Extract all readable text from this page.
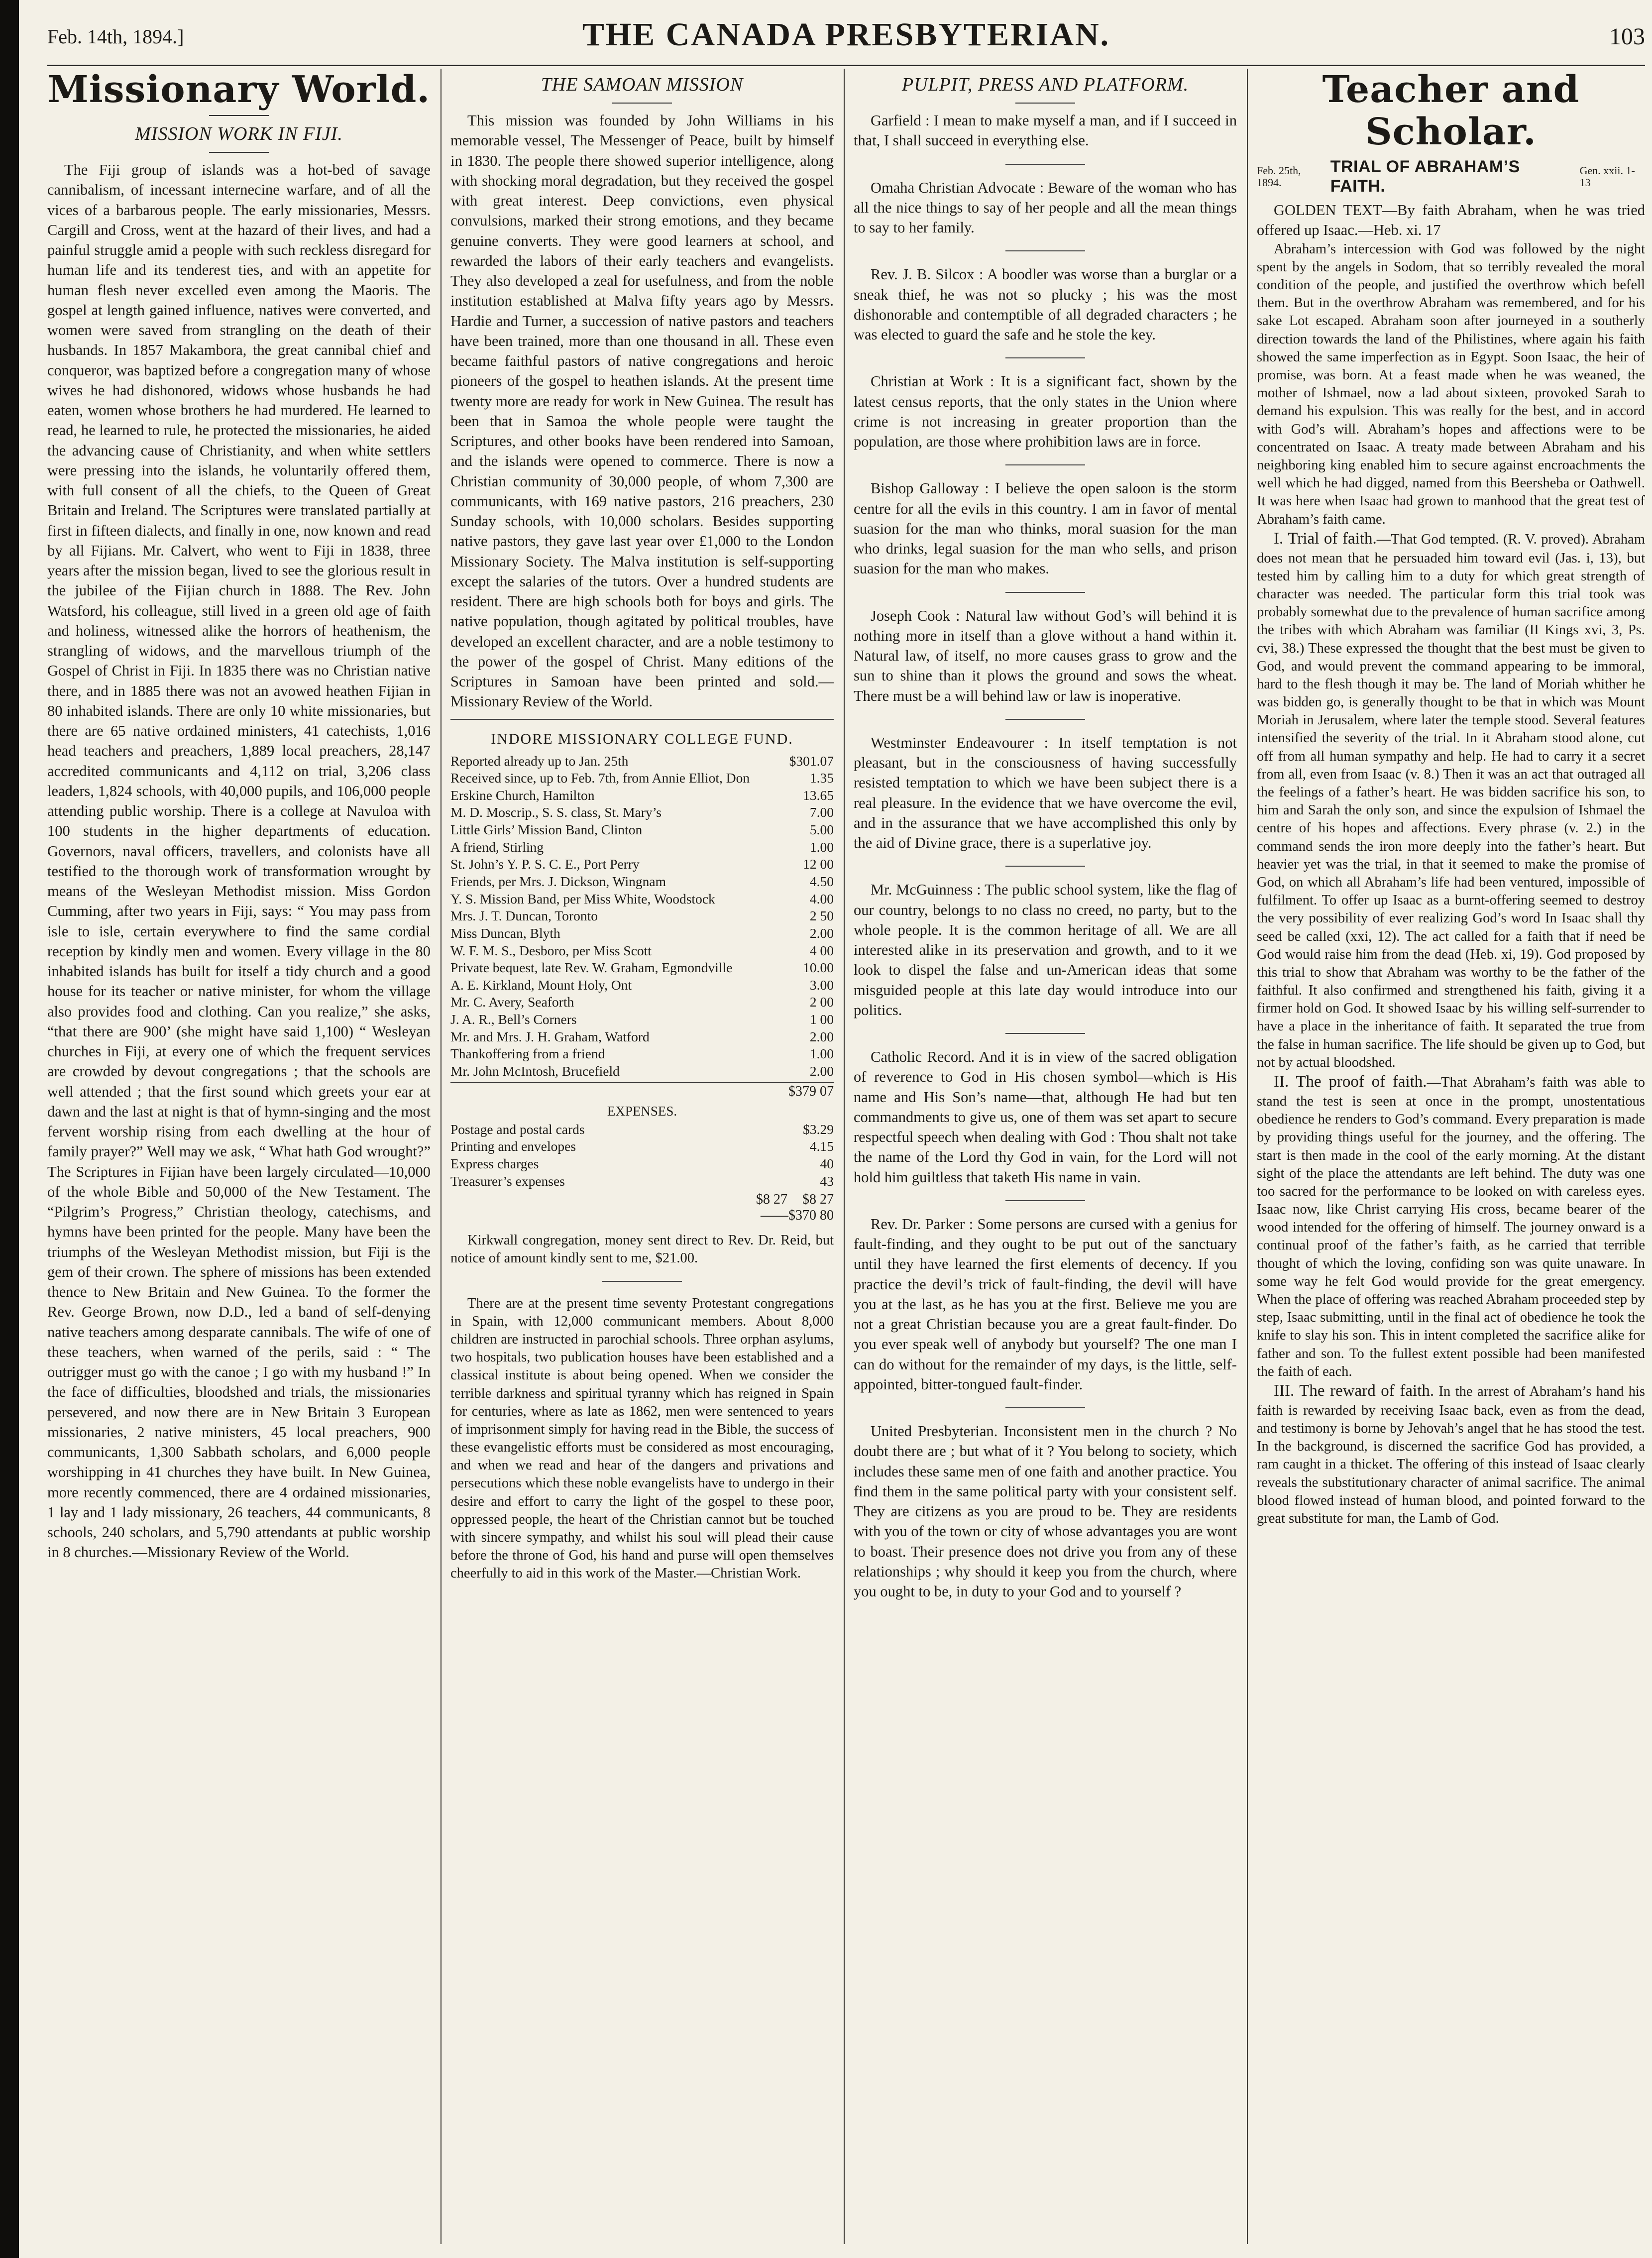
Feb. 14th, 1894.]	THE CANADA PRESBYTERIAN.	103
Missionary World.
MISSION WORK IN FIJI.

The Fiji group of islands was a hot-bed of savage cannibalism, of incessant internecine warfare, and of all the vices of a barbarous people. The early missionaries, Messrs. Cargill and Cross, went at the hazard of their lives, and had a painful struggle amid a people with such reckless disregard for human life and its tenderest ties, and with an appetite for human flesh never excelled even among the Maoris. The gospel at length gained influence, natives were converted, and women were saved from strangling on the death of their husbands. In 1857 Makambora, the great cannibal chief and conqueror, was baptized before a congregation many of whose wives he had dishonored, widows whose husbands he had eaten, women whose brothers he had murdered. He learned to read, he learned to rule, he protected the missionaries, he aided the advancing cause of Christianity, and when white settlers were pressing into the islands, he voluntarily offered them, with full consent of all the chiefs, to the Queen of Great Britain and Ireland. The Scriptures were translated partially at first in fifteen dialects, and finally in one, now known and read by all Fijians. Mr. Calvert, who went to Fiji in 1838, three years after the mission began, lived to see the glorious result in the jubilee of the Fijian church in 1888. The Rev. John Watsford, his colleague, still lived in a green old age of faith and holiness, witnessed alike the horrors of heathenism, the strangling of widows, and the marvellous triumph of the Gospel of Christ in Fiji. In 1835 there was no Christian native there, and in 1885 there was not an avowed heathen Fijian in 80 inhabited islands. There are only 10 white missionaries, but there are 65 native ordained ministers, 41 catechists, 1,016 head teachers and preachers, 1,889 local preachers, 28,147 accredited communicants and 4,112 on trial, 3,206 class leaders, 1,824 schools, with 40,000 pupils, and 106,000 people attending public worship. There is a college at Navuloa with 100 students in the higher departments of education. Governors, naval officers, travellers, and colonists have all testified to the thorough work of transformation wrought by means of the Wesleyan Methodist mission. Miss Gordon Cumming, after two years in Fiji, says: “ You may pass from isle to isle, certain everywhere to find the same cordial reception by kindly men and women. Every village in the 80 inhabited islands has built for itself a tidy church and a good house for its teacher or native minister, for whom the village also provides food and clothing. Can you realize,” she asks, “that there are 900’ (she might have said 1,100) “ Wesleyan churches in Fiji, at every one of which the frequent services are crowded by devout congregations ; that the schools are well attended ; that the first sound which greets your ear at dawn and the last at night is that of hymn-singing and the most fervent worship rising from each dwelling at the hour of family prayer?” Well may we ask, “ What hath God wrought?” The Scriptures in Fijian have been largely circulated—10,000 of the whole Bible and 50,000 of the New Testament. The “Pilgrim’s Progress,” Christian theology, catechisms, and hymns have been printed for the people. Many have been the triumphs of the Wesleyan Methodist mission, but Fiji is the gem of their crown. The sphere of missions has been extended thence to New Britain and New Guinea. To the former the Rev. George Brown, now D.D., led a band of self-denying native teachers among desparate cannibals. The wife of one of these teachers, when warned of the perils, said : “ The outrigger must go with the canoe ; I go with my husband !” In the face of difficulties, bloodshed and trials, the missionaries persevered, and now there are in New Britain 3 European missionaries, 2 native ministers, 45 local preachers, 900 communicants, 1,300 Sabbath scholars, and 6,000 people worshipping in 41 churches they have built. In New Guinea, more recently commenced, there are 4 ordained missionaries, 1 lay and 1 lady missionary, 26 teachers, 44 communicants, 8 schools, 240 scholars, and 5,790 attendants at public worship in 8 churches.—Missionary Review of the World.

THE SAMOAN MISSION

This mission was founded by John Williams in his memorable vessel, The Messenger of Peace, built by himself in 1830. The people there showed superior intelligence, along with shocking moral degradation, but they received the gospel with great interest. Deep convictions, even physical convulsions, marked their strong emotions, and they became genuine converts. They were good learners at school, and rewarded the labors of their early teachers and evangelists. They also developed a zeal for usefulness, and from the noble institution established at Malva fifty years ago by Messrs. Hardie and Turner, a succession of native pastors and teachers have been trained, more than one thousand in all. These even became faithful pastors of native congregations and heroic pioneers of the gospel to heathen islands. At the present time twenty more are ready for work in New Guinea. The result has been that in Samoa the whole people were taught the Scriptures, and other books have been rendered into Samoan, and the islands were opened to commerce. There is now a Christian community of 30,000 people, of whom 7,300 are communicants, with 169 native pastors, 216 preachers, 230 Sunday schools, with 10,000 scholars. Besides supporting native pastors, they gave last year over £1,000 to the London Missionary Society. The Malva institution is self-supporting except the salaries of the tutors. Over a hundred students are resident. There are high schools both for boys and girls. The native population, though agitated by political troubles, have developed an excellent character, and are a noble testimony to the power of the gospel of Christ. Many editions of the Scriptures in Samoan have been printed and sold.—Missionary Review of the World.

INDORE MISSIONARY COLLEGE FUND.
Reported already up to Jan. 25th	$301.07
Received since, up to Feb. 7th, from Annie Elliot, Don	1.35
Erskine Church, Hamilton	13.65
M. D. Moscrip., S. S. class, St. Mary’s	7.00
Little Girls’ Mission Band, Clinton	5.00
A friend, Stirling	1.00
St. John’s Y. P. S. C. E., Port Perry	12 00
Friends, per Mrs. J. Dickson, Wingnam	4.50
Y. S. Mission Band, per Miss White, Woodstock	4.00
Mrs. J. T. Duncan, Toronto	2 50
Miss Duncan, Blyth	2.00
W. F. M. S., Desboro, per Miss Scott	4 00
Private bequest, late Rev. W. Graham, Egmondville	10.00
A. E. Kirkland, Mount Holy, Ont	3.00
Mr. C. Avery, Seaforth	2 00
J. A. R., Bell’s Corners	1 00
Mr. and Mrs. J. H. Graham, Watford	2.00
Thankoffering from a friend	1.00
Mr. John McIntosh, Brucefield	2.00
$379 07
EXPENSES.
Postage and postal cards	$3.29
Printing and envelopes	4.15
Express charges	40
Treasurer’s expenses	43
$8 27 $8 27
——$370 80

Kirkwall congregation, money sent direct to Rev. Dr. Reid, but notice of amount kindly sent to me, $21.00.

There are at the present time seventy Protestant congregations in Spain, with 12,000 communicant members. About 8,000 children are instructed in parochial schools. Three orphan asylums, two hospitals, two publication houses have been established and a classical institute is about being opened. When we consider the terrible darkness and spiritual tyranny which has reigned in Spain for centuries, where as late as 1862, men were sentenced to years of imprisonment simply for having read in the Bible, the success of these evangelistic efforts must be considered as most encouraging, and when we read and hear of the dangers and privations and persecutions which these noble evangelists have to undergo in their desire and effort to carry the light of the gospel to these poor, oppressed people, the heart of the Christian cannot but be touched with sincere sympathy, and whilst his soul will plead their cause before the throne of God, his hand and purse will open themselves cheerfully to aid in this work of the Master.—Christian Work.

PULPIT, PRESS AND PLATFORM.

Garfield : I mean to make myself a man, and if I succeed in that, I shall succeed in everything else.

Omaha Christian Advocate : Beware of the woman who has all the nice things to say of her people and all the mean things to say to her family.

Rev. J. B. Silcox : A boodler was worse than a burglar or a sneak thief, he was not so plucky ; his was the most dishonorable and contemptible of all degraded characters ; he was elected to guard the safe and he stole the key.

Christian at Work : It is a significant fact, shown by the latest census reports, that the only states in the Union where crime is not increasing in greater proportion than the population, are those where prohibition laws are in force.

Bishop Galloway : I believe the open saloon is the storm centre for all the evils in this country. I am in favor of mental suasion for the man who thinks, moral suasion for the man who drinks, legal suasion for the man who sells, and prison suasion for the man who makes.

Joseph Cook : Natural law without God’s will behind it is nothing more in itself than a glove without a hand within it. Natural law, of itself, no more causes grass to grow and the sun to shine than it plows the ground and sows the wheat. There must be a will behind law or law is inoperative.

Westminster Endeavourer : In itself temptation is not pleasant, but in the consciousness of having successfully resisted temptation to which we have been subject there is a real pleasure. In the evidence that we have overcome the evil, and in the assurance that we have accomplished this only by the aid of Divine grace, there is a superlative joy.

Mr. McGuinness : The public school system, like the flag of our country, belongs to no class no creed, no party, but to the whole people. It is the common heritage of all. We are all interested alike in its preservation and growth, and to it we look to dispel the false and un-American ideas that some misguided people at this late day would introduce into our politics.

Catholic Record. And it is in view of the sacred obligation of reverence to God in His chosen symbol—which is His name and His Son’s name—that, although He had but ten commandments to give us, one of them was set apart to secure respectful speech when dealing with God : Thou shalt not take the name of the Lord thy God in vain, for the Lord will not hold him guiltless that taketh His name in vain.

Rev. Dr. Parker : Some persons are cursed with a genius for fault-finding, and they ought to be put out of the sanctuary until they have learned the first elements of decency. If you practice the devil’s trick of fault-finding, the devil will have you at the last, as he has you at the first. Believe me you are not a great Christian because you are a great fault-finder. Do you ever speak well of anybody but yourself? The one man I can do without for the remainder of my days, is the little, self-appointed, bitter-tongued fault-finder.

United Presbyterian. Inconsistent men in the church ? No doubt there are ; but what of it ? You belong to society, which includes these same men of one faith and another practice. You find them in the same political party with your consistent self. They are citizens as you are proud to be. They are residents with you of the town or city of whose advantages you are wont to boast. Their presence does not drive you from any of these relationships ; why should it keep you from the church, where you ought to be, in duty to your God and to yourself ?

Teacher and Scholar.
Feb. 25th, 1894.
TRIAL OF ABRAHAM’S FAITH.
Gen. xxii. 1-13

GOLDEN TEXT—By faith Abraham, when he was tried offered up Isaac.—Heb. xi. 17

Abraham’s intercession with God was followed by the night spent by the angels in Sodom, that so terribly revealed the moral condition of the people, and justified the overthrow which befell them. But in the overthrow Abraham was remembered, and for his sake Lot escaped. Abraham soon after journeyed in a southerly direction towards the land of the Philistines, where again his faith showed the same imperfection as in Egypt. Soon Isaac, the heir of promise, was born. At a feast made when he was weaned, the mother of Ishmael, now a lad about sixteen, provoked Sarah to demand his expulsion. This was really for the best, and in accord with God’s will. Abraham’s hopes and affections were to be concentrated on Isaac. A treaty made between Abraham and his neighboring king enabled him to secure against encroachments the well which he had digged, named from this Beersheba or Oathwell. It was here when Isaac had grown to manhood that the great test of Abraham’s faith came.

I. Trial of faith.—That God tempted. (R. V. proved). Abraham does not mean that he persuaded him toward evil (Jas. i, 13), but tested him by calling him to a duty for which great strength of character was needed. The particular form this trial took was probably somewhat due to the prevalence of human sacrifice among the tribes with which Abraham was familiar (II Kings xvi, 3, Ps. cvi, 38.) These expressed the thought that the best must be given to God, and would prevent the command appearing to be immoral, hard to the flesh though it may be. The land of Moriah whither he was bidden go, is generally thought to be that in which was Mount Moriah in Jerusalem, where later the temple stood. Several features intensified the severity of the trial. In it Abraham stood alone, cut off from all human sympathy and help. He had to carry it a secret from all, even from Isaac (v. 8.) Then it was an act that outraged all the feelings of a father’s heart. He was bidden sacrifice his son, to him and Sarah the only son, and since the expulsion of Ishmael the centre of his hopes and affections. Every phrase (v. 2.) in the command sends the iron more deeply into the father’s heart. But heavier yet was the trial, in that it seemed to make the promise of God, on which all Abraham’s life had been ventured, impossible of fulfilment. To offer up Isaac as a burnt-offering seemed to destroy the very possibility of ever realizing God’s word In Isaac shall thy seed be called (xxi, 12). The act called for a faith that if need be God would raise him from the dead (Heb. xi, 19). God proposed by this trial to show that Abraham was worthy to be the father of the faithful. It also confirmed and strengthened his faith, giving it a firmer hold on God. It showed Isaac by his willing self-surrender to have a place in the inheritance of faith. It separated the true from the false in human sacrifice. The life should be given up to God, but not by actual bloodshed.

II. The proof of faith.—That Abraham’s faith was able to stand the test is seen at once in the prompt, unostentatious obedience he renders to God’s command. Every preparation is made by providing things useful for the journey, and the offering. The start is then made in the cool of the early morning. At the distant sight of the place the attendants are left behind. The duty was one too sacred for the performance to be looked on with careless eyes. Isaac now, like Christ carrying His cross, became bearer of the wood intended for the offering of himself. The journey onward is a continual proof of the father’s faith, as he carried that terrible thought of which the loving, confiding son was quite unaware. In some way he felt God would provide for the great emergency. When the place of offering was reached Abraham proceeded step by step, Isaac submitting, until in the final act of obedience he took the knife to slay his son. This in intent completed the sacrifice alike for father and son. To the fullest extent possible had been manifested the faith of each.

III. The reward of faith. In the arrest of Abraham’s hand his faith is rewarded by receiving Isaac back, even as from the dead, and testimony is borne by Jehovah’s angel that he has stood the test. In the background, is discerned the sacrifice God has provided, a ram caught in a thicket. The offering of this instead of Isaac clearly reveals the substitutionary character of animal sacrifice. The animal blood flowed instead of human blood, and pointed forward to the great substitute for man, the Lamb of God.
